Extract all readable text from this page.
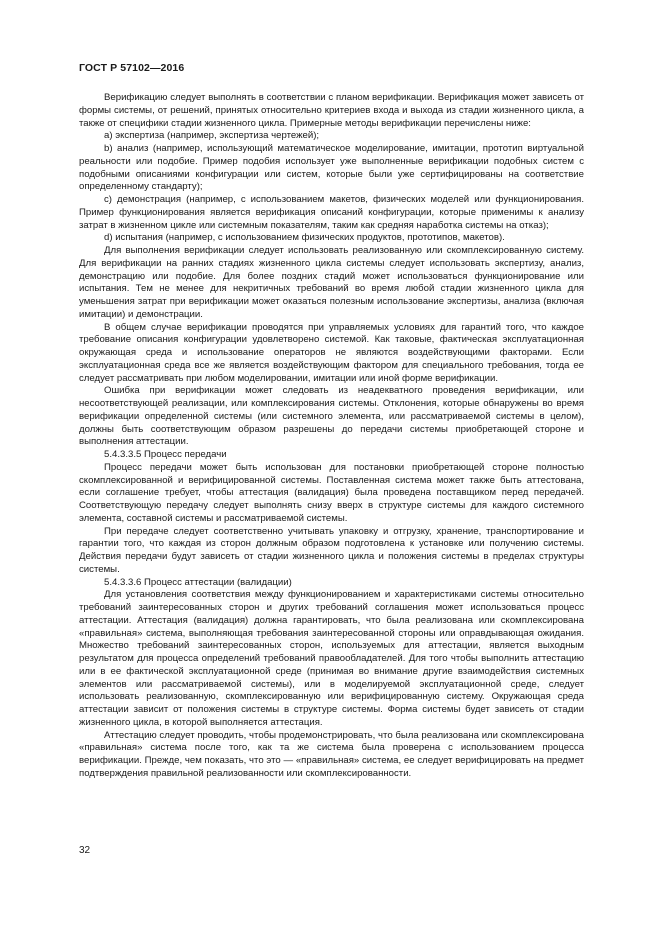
ГОСТ Р 57102—2016

Верификацию следует выполнять в соответствии с планом верификации. Верификация может зависеть от формы системы, от решений, принятых относительно критериев входа и выхода из стадии жизненного цикла, а также от специфики стадии жизненного цикла. Примерные методы верификации перечислены ниже:

a) экспертиза (например, экспертиза чертежей);

b) анализ (например, использующий математическое моделирование, имитации, прототип виртуальной реальности или подобие. Пример подобия использует уже выполненные верификации подобных систем с подобными описаниями конфигурации или систем, которые были уже сертифицированы на соответствие определенному стандарту);

c) демонстрация (например, с использованием макетов, физических моделей или функционирования. Пример функционирования является верификация описаний конфигурации, которые применимы к анализу затрат в жизненном цикле или системным показателям, таким как средняя наработка системы на отказ);

d) испытания (например, с использованием физических продуктов, прототипов, макетов).

Для выполнения верификации следует использовать реализованную или скомплексированную систему. Для верификации на ранних стадиях жизненного цикла системы следует использовать экспертизу, анализ, демонстрацию или подобие. Для более поздних стадий может использоваться функционирование или испытания. Тем не менее для некритичных требований во время любой стадии жизненного цикла для уменьшения затрат при верификации может оказаться полезным использование экспертизы, анализа (включая имитации) и демонстрации.

В общем случае верификации проводятся при управляемых условиях для гарантий того, что каждое требование описания конфигурации удовлетворено системой. Как таковые, фактическая эксплуатационная окружающая среда и использование операторов не являются воздействующими факторами. Если эксплуатационная среда все же является воздействующим фактором для специального требования, тогда ее следует рассматривать при любом моделировании, имитации или иной форме верификации.

Ошибка при верификации может следовать из неадекватного проведения верификации, или несоответствующей реализации, или комплексирования системы. Отклонения, которые обнаружены во время верификации определенной системы (или системного элемента, или рассматриваемой системы в целом), должны быть соответствующим образом разрешены до передачи системы приобретающей стороне и выполнения аттестации.

5.4.3.3.5 Процесс передачи

Процесс передачи может быть использован для постановки приобретающей стороне полностью скомплексированной и верифицированной системы. Поставленная система может также быть аттестована, если соглашение требует, чтобы аттестация (валидация) была проведена поставщиком перед передачей. Соответствующую передачу следует выполнять снизу вверх в структуре системы для каждого системного элемента, составной системы и рассматриваемой системы.

При передаче следует соответственно учитывать упаковку и отгрузку, хранение, транспортирование и гарантии того, что каждая из сторон должным образом подготовлена к установке или получению системы. Действия передачи будут зависеть от стадии жизненного цикла и положения системы в пределах структуры системы.

5.4.3.3.6 Процесс аттестации (валидации)

Для установления соответствия между функционированием и характеристиками системы относительно требований заинтересованных сторон и других требований соглашения может использоваться процесс аттестации. Аттестация (валидация) должна гарантировать, что была реализована или скомплексирована «правильная» система, выполняющая требования заинтересованной стороны или оправдывающая ожидания. Множество требований заинтересованных сторон, используемых для аттестации, является выходным результатом для процесса определений требований правообладателей. Для того чтобы выполнить аттестацию или в ее фактической эксплуатационной среде (принимая во внимание другие взаимодействия системных элементов или рассматриваемой системы), или в моделируемой эксплуатационной среде, следует использовать реализованную, скомплексированную или верифицированную систему. Окружающая среда аттестации зависит от положения системы в структуре системы. Форма системы будет зависеть от стадии жизненного цикла, в которой выполняется аттестация.

Аттестацию следует проводить, чтобы продемонстрировать, что была реализована или скомплексирована «правильная» система после того, как та же система была проверена с использованием процесса верификации. Прежде, чем показать, что это — «правильная» система, ее следует верифицировать на предмет подтверждения правильной реализованности или скомплексированности.

32
